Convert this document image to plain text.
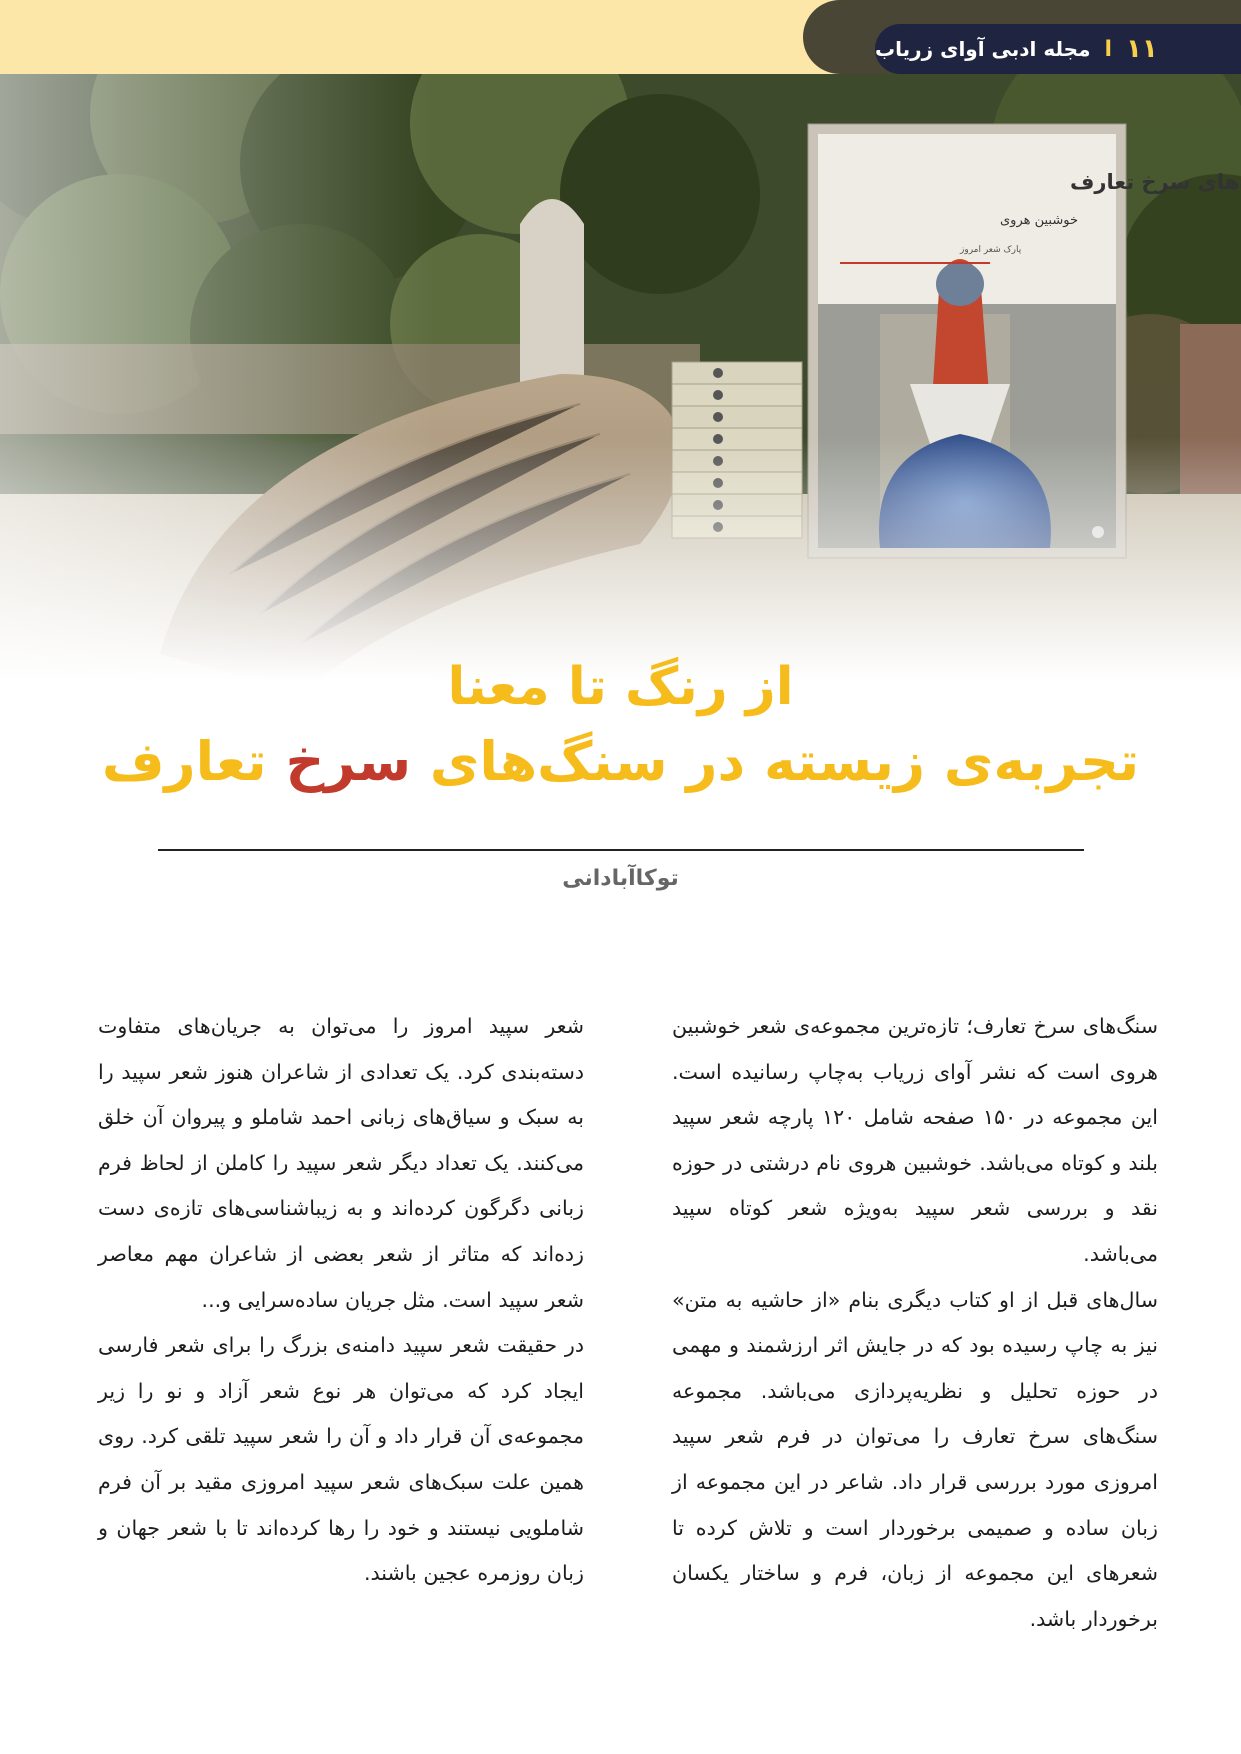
۱۱
ا
مجله ادبی آوای زریاب
از رنگ تا معنا
تجربه‌ی زیسته در سنگ‌های سرخ تعارف
توکاآبادانی

سنگ‌های سرخ تعارف؛ تازه‌ترین مجموعه‌ی شعر خوشبین هروی است که نشر آوای زریاب به‌چاپ رسانیده است. این مجموعه در ۱۵۰ صفحه شامل ۱۲۰ پارچه شعر سپید بلند و کوتاه می‌باشد. خوشبین هروی نام درشتی در حوزه نقد و بررسی شعر سپید به‌ویژه شعر کوتاه سپید می‌باشد.

سال‌های قبل از او کتاب دیگری بنام «از حاشیه به متن» نیز به چاپ رسیده بود که در جایش اثر ارزشمند و مهمی در حوزه تحلیل و نظریه‌پردازی می‌باشد. مجموعه سنگ‌های سرخ تعارف را می‌توان در فرم شعر سپید امروزی مورد بررسی قرار داد. شاعر در این مجموعه از زبان ساده و صمیمی برخوردار است و تلاش کرده تا شعرهای این مجموعه از زبان، فرم و ساختار یکسان برخوردار باشد.

شعر سپید امروز را می‌توان به جریان‌های متفاوت دسته‌بندی کرد. یک تعدادی از شاعران هنوز شعر سپید را به سبک و سیاق‌های زبانی احمد شاملو و پیروان آن خلق می‌کنند. یک تعداد دیگر شعر سپید را کاملن از لحاظ فرم زبانی دگرگون کرده‌اند و به زیباشناسی‌های تازه‌ی دست زده‌اند که متاثر از شعر بعضی از شاعران مهم معاصر شعر سپید است. مثل جریان ساده‌سرایی و...

در حقیقت شعر سپید دامنه‌ی بزرگ را برای شعر فارسی ایجاد کرد که می‌توان هر نوع شعر آزاد و نو را زیر مجموعه‌ی آن قرار داد و آن را شعر سپید تلقی کرد. روی همین علت سبک‌های شعر سپید امروزی مقید بر آن فرم شاملویی نیستند و خود را رها کرده‌اند تا با شعر جهان و زبان روزمره عجین باشند.
